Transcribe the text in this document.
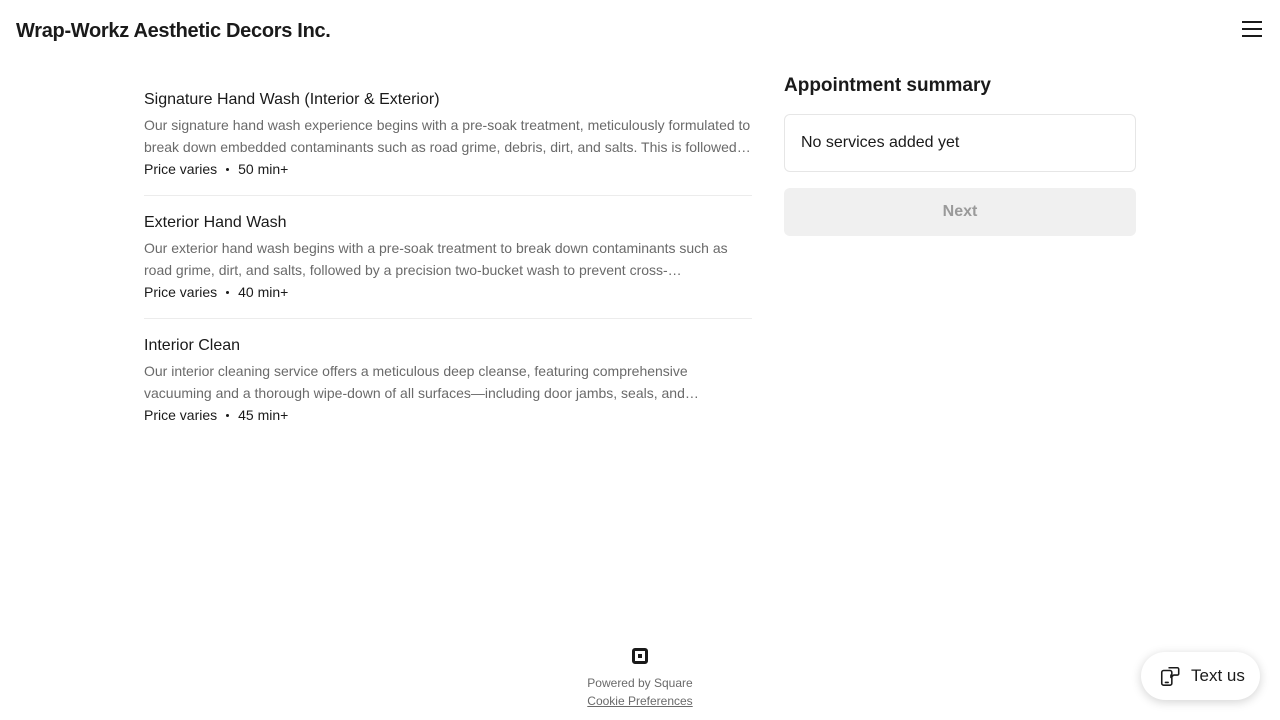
Wrap-Workz Aesthetic Decors Inc.
Signature Hand Wash (Interior & Exterior)
Our signature hand wash experience begins with a pre-soak treatment, meticulously formulated to break down embedded contaminants such as road grime, debris, dirt, and salts. This is followed
Price varies 50 min+
Exterior Hand Wash
Our exterior hand wash begins with a pre-soak treatment to break down contaminants such as road grime, dirt, and salts, followed by a precision two-bucket wash to prevent cross-…
Price varies 40 min+
Interior Clean
Our interior cleaning service offers a meticulous deep cleanse, featuring comprehensive vacuuming and a thorough wipe-down of all surfaces—including door jambs, seals, and
Price varies 45 min+
Appointment summary
No services added yet
Next
Powered by Square
Cookie Preferences
Text us
